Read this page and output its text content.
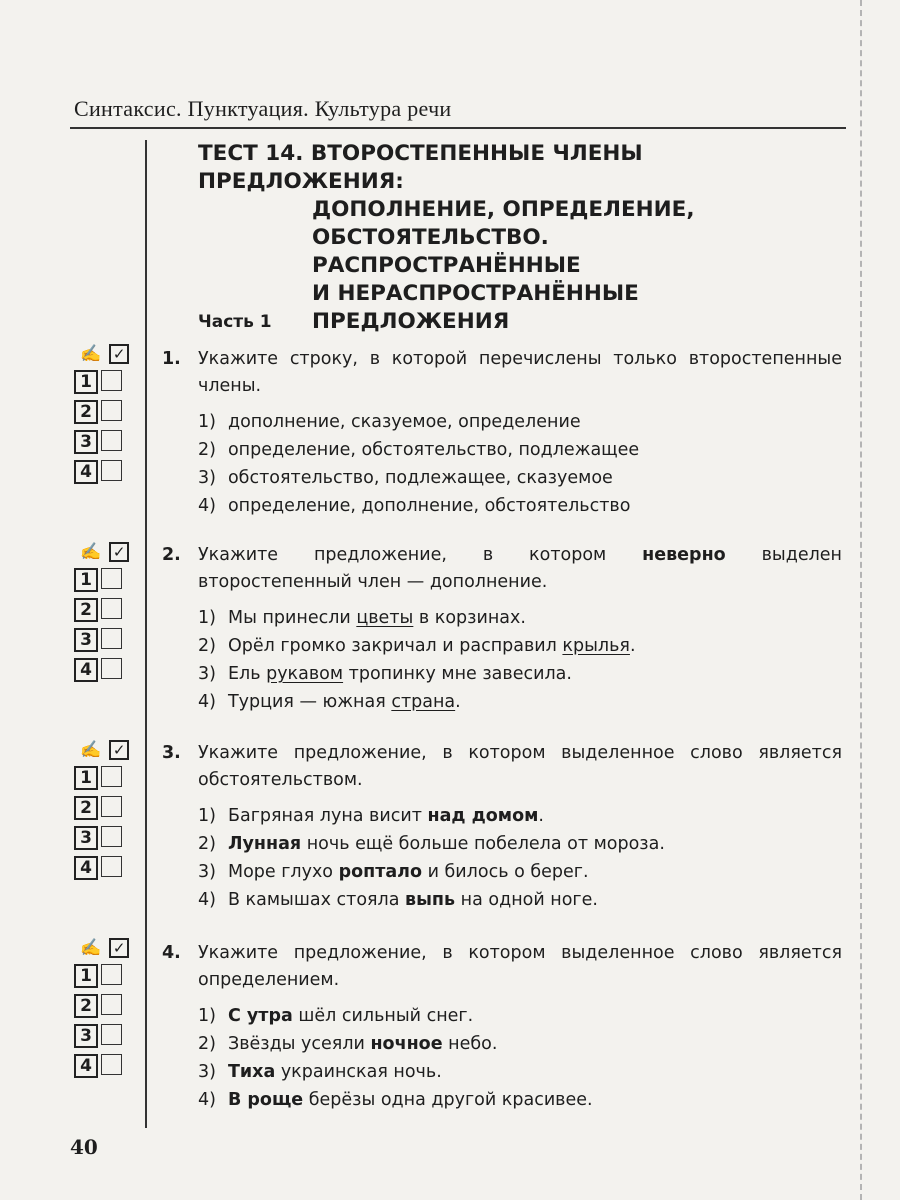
Синтаксис. Пунктуация. Культура речи
ТЕСТ 14. ВТОРОСТЕПЕННЫЕ ЧЛЕНЫ ПРЕДЛОЖЕНИЯ:
ДОПОЛНЕНИЕ, ОПРЕДЕЛЕНИЕ,
ОБСТОЯТЕЛЬСТВО.
РАСПРОСТРАНЁННЫЕ
И НЕРАСПРОСТРАНЁННЫЕ ПРЕДЛОЖЕНИЯ
Часть 1
✍ ✓
1
2
3
4
1. Укажите строку, в которой перечислены только второстепенные члены.
1) дополнение, сказуемое, определение
2) определение, обстоятельство, подлежащее
3) обстоятельство, подлежащее, сказуемое
4) определение, дополнение, обстоятельство
✍ ✓
1
2
3
4
2. Укажите предложение, в котором неверно выделен второстепенный член — дополнение.
1) Мы принесли цветы в корзинах.
2) Орёл громко закричал и расправил крылья.
3) Ель рукавом тропинку мне завесила.
4) Турция — южная страна.
✍ ✓
1
2
3
4
3. Укажите предложение, в котором выделенное слово является обстоятельством.
1) Багряная луна висит над домом.
2) Лунная ночь ещё больше побелела от мороза.
3) Море глухо роптало и билось о берег.
4) В камышах стояла выпь на одной ноге.
✍ ✓
1
2
3
4
4. Укажите предложение, в котором выделенное слово является определением.
1) С утра шёл сильный снег.
2) Звёзды усеяли ночное небо.
3) Тиха украинская ночь.
4) В роще берёзы одна другой красивее.
40
